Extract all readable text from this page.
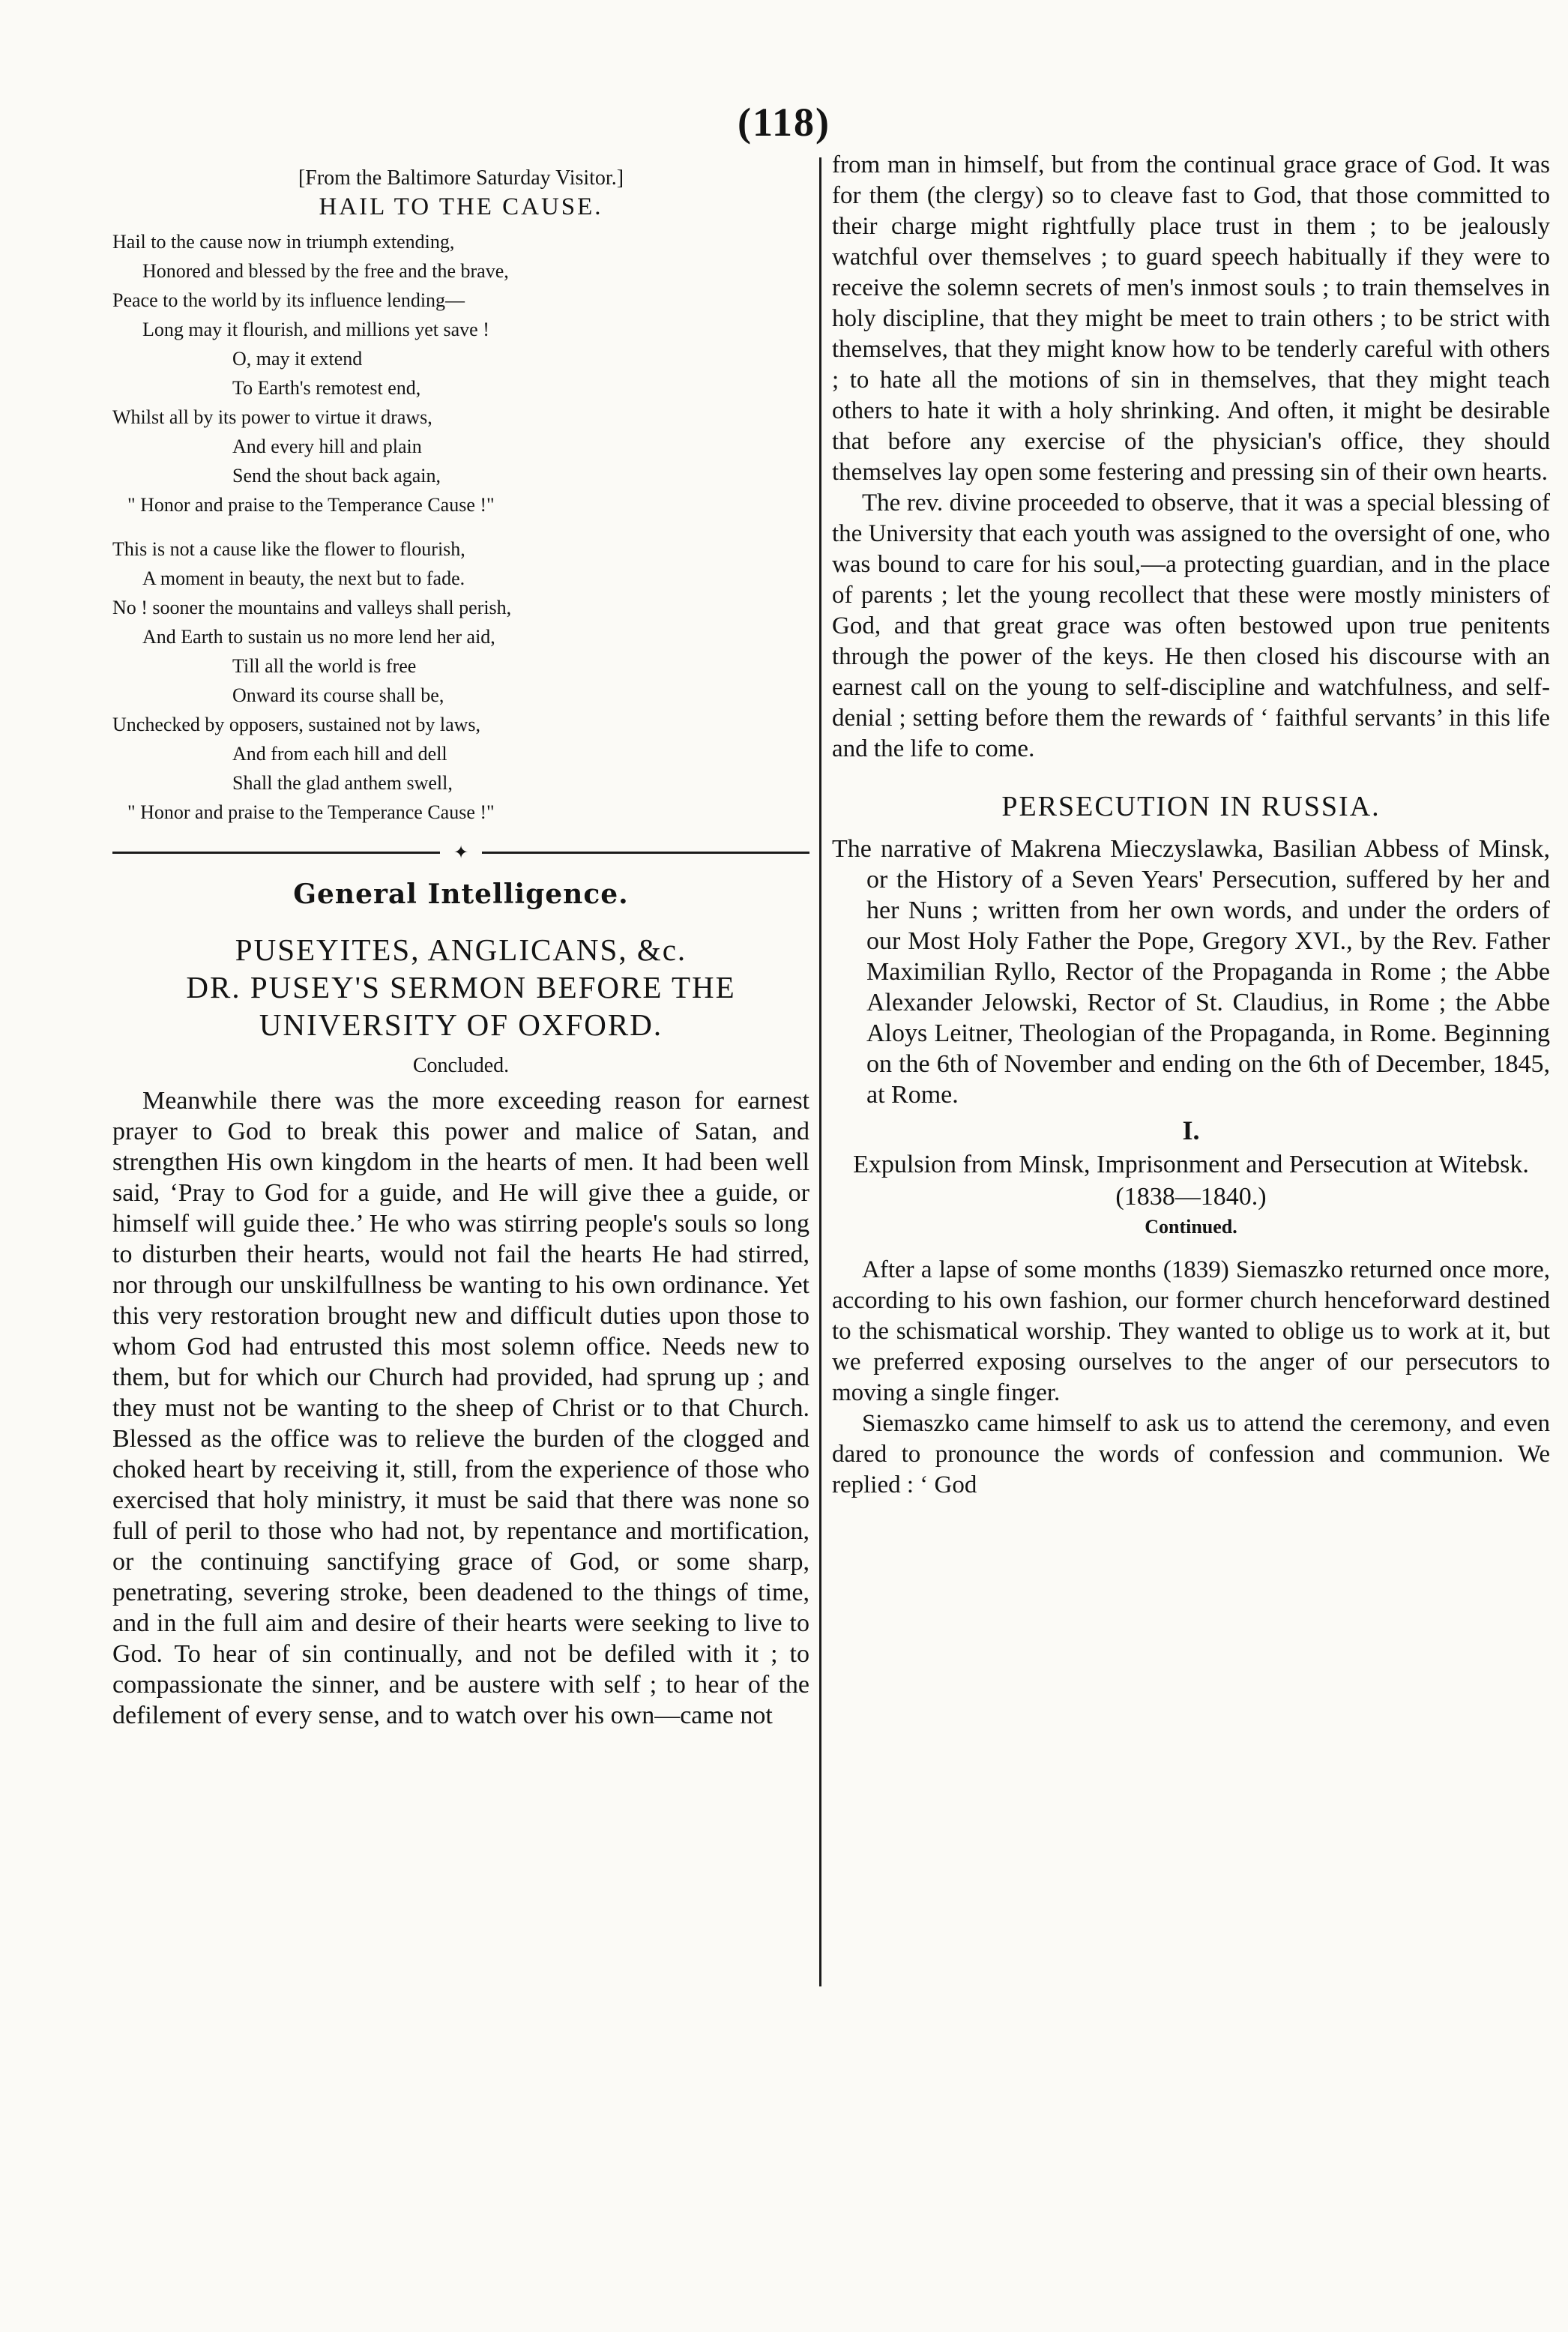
(118)
[From the Baltimore Saturday Visitor.]
HAIL TO THE CAUSE.
Hail to the cause now in triumph extending,
Honored and blessed by the free and the brave,
Peace to the world by its influence lending—
Long may it flourish, and millions yet save !
O, may it extend
To Earth's remotest end,
Whilst all by its power to virtue it draws,
And every hill and plain
Send the shout back again,
" Honor and praise to the Temperance Cause !"
This is not a cause like the flower to flourish,
A moment in beauty, the next but to fade.
No ! sooner the mountains and valleys shall perish,
And Earth to sustain us no more lend her aid,
Till all the world is free
Onward its course shall be,
Unchecked by opposers, sustained not by laws,
And from each hill and dell
Shall the glad anthem swell,
" Honor and praise to the Temperance Cause !"
✦
General Intelligence.
PUSEYITES, ANGLICANS, &c.
DR. PUSEY'S SERMON BEFORE THE
UNIVERSITY OF OXFORD.
Concluded.

Meanwhile there was the more exceeding reason for earnest prayer to God to break this power and malice of Satan, and strengthen His own kingdom in the hearts of men. It had been well said, ‘Pray to God for a guide, and He will give thee a guide, or himself will guide thee.’ He who was stirring people's souls so long to disturben their hearts, would not fail the hearts He had stirred, nor through our unskilfullness be wanting to his own ordinance. Yet this very restoration brought new and difficult duties upon those to whom God had entrusted this most solemn office. Needs new to them, but for which our Church had provided, had sprung up ; and they must not be wanting to the sheep of Christ or to that Church. Blessed as the office was to relieve the burden of the clogged and choked heart by receiving it, still, from the experience of those who exercised that holy ministry, it must be said that there was none so full of peril to those who had not, by repentance and mortification, or the continuing sanctifying grace of God, or some sharp, penetrating, severing stroke, been deadened to the things of time, and in the full aim and desire of their hearts were seeking to live to God. To hear of sin continually, and not be defiled with it ; to compassionate the sinner, and be austere with self ; to hear of the defilement of every sense, and to watch over his own—came not

from man in himself, but from the continual grace grace of God. It was for them (the clergy) so to cleave fast to God, that those committed to their charge might rightfully place trust in them ; to be jealously watchful over themselves ; to guard speech habitually if they were to receive the solemn secrets of men's inmost souls ; to train themselves in holy discipline, that they might be meet to train others ; to be strict with themselves, that they might know how to be tenderly careful with others ; to hate all the motions of sin in themselves, that they might teach others to hate it with a holy shrinking. And often, it might be desirable that before any exercise of the physician's office, they should themselves lay open some festering and pressing sin of their own hearts.

The rev. divine proceeded to observe, that it was a special blessing of the University that each youth was assigned to the oversight of one, who was bound to care for his soul,—a protecting guardian, and in the place of parents ; let the young recollect that these were mostly ministers of God, and that great grace was often bestowed upon true penitents through the power of the keys. He then closed his discourse with an earnest call on the young to self-discipline and watchfulness, and self-denial ; setting before them the rewards of ‘ faithful servants’ in this life and the life to come.

PERSECUTION IN RUSSIA.

The narrative of Makrena Mieczyslawka, Basilian Abbess of Minsk, or the History of a Seven Years' Persecution, suffered by her and her Nuns ; written from her own words, and under the orders of our Most Holy Father the Pope, Gregory XVI., by the Rev. Father Maximilian Ryllo, Rector of the Propaganda in Rome ; the Abbe Alexander Jelowski, Rector of St. Claudius, in Rome ; the Abbe Aloys Leitner, Theologian of the Propaganda, in Rome. Beginning on the 6th of November and ending on the 6th of December, 1845, at Rome.

I.

Expulsion from Minsk, Imprisonment and Persecution at Witebsk.

(1838—1840.)
Continued.

After a lapse of some months (1839) Siemaszko returned once more, according to his own fashion, our former church henceforward destined to the schismatical worship. They wanted to oblige us to work at it, but we preferred exposing ourselves to the anger of our persecutors to moving a single finger.

Siemaszko came himself to ask us to attend the ceremony, and even dared to pronounce the words of confession and communion. We replied : ‘ God
